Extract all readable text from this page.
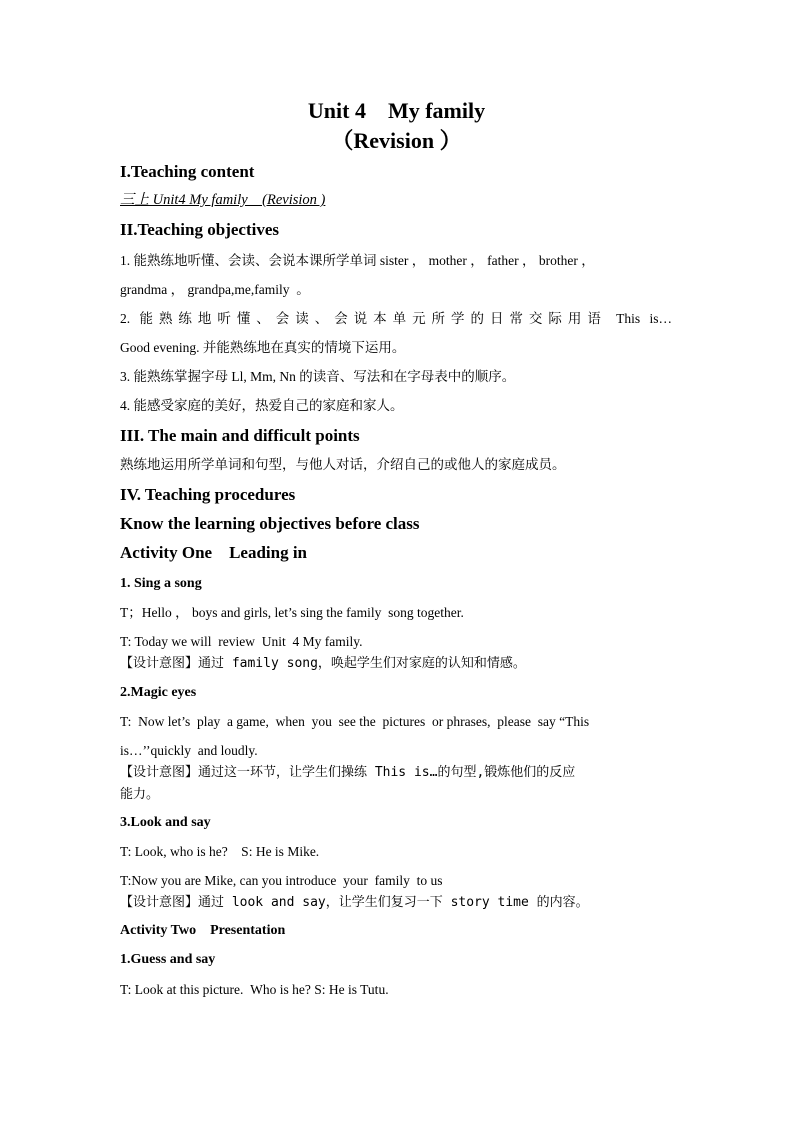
Unit 4    My family
（Revision ）
I.Teaching content
三上 Unit4 My family    (Revision )
II.Teaching objectives
1. 能熟练地听懂、会读、会说本课所学单词 sister ， mother ， father ， brother ，
grandma ， grandpa,me,family  。
2. 能熟练地听懂、会读、会说本单元所学的日常交际用语 This is…
Good evening. 并能熟练地在真实的情境下运用。
3. 能熟练掌握字母 Ll, Mm, Nn 的读音、写法和在字母表中的顺序。
4. 能感受家庭的美好，热爱自己的家庭和家人。
III. The main and difficult points
熟练地运用所学单词和句型，与他人对话，介绍自己的或他人的家庭成员。
IV. Teaching procedures
Know the learning objectives before class
Activity One    Leading in
1. Sing a song
T；Hello ， boys and girls, let’s sing the family  song together.
T: Today we will  review  Unit  4 My family.
【设计意图】通过 family song，唤起学生们对家庭的认知和情感。
2.Magic eyes
T:  Now let’s  play  a game,  when  you  see the  pictures  or phrases,  please  say “This
is…’’quickly  and loudly.
【设计意图】通过这一环节，让学生们操练 This is…的句型,锻炼他们的反应
能力。
3.Look and say
T: Look, who is he?    S: He is Mike.
T:Now you are Mike, can you introduce  your  family  to us
【设计意图】通过 look and say，让学生们复习一下 story time 的内容。
Activity Two    Presentation
1.Guess and say
T: Look at this picture.  Who is he? S: He is Tutu.
